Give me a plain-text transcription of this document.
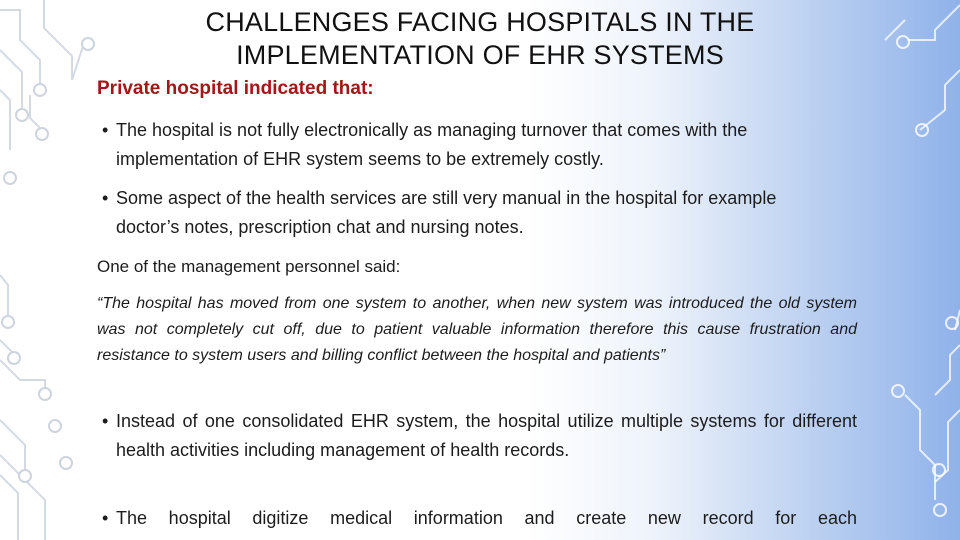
CHALLENGES FACING HOSPITALS IN THE
IMPLEMENTATION OF EHR SYSTEMS
Private hospital indicated that:
• The hospital is not fully electronically as managing turnover that comes with the implementation of EHR system seems to be extremely costly.
• Some aspect of the health services are still very manual in the hospital for example doctor’s notes, prescription chat and nursing notes.
One of the management personnel said:
“The hospital has moved from one system to another, when new system was introduced the old system was not completely cut off, due to patient valuable information therefore this cause frustration and resistance to system users and billing conflict between the hospital and patients”
• Instead of one consolidated EHR system, the hospital utilize multiple systems for different health activities including management of health records.
• The hospital digitize medical information and create new record for each
